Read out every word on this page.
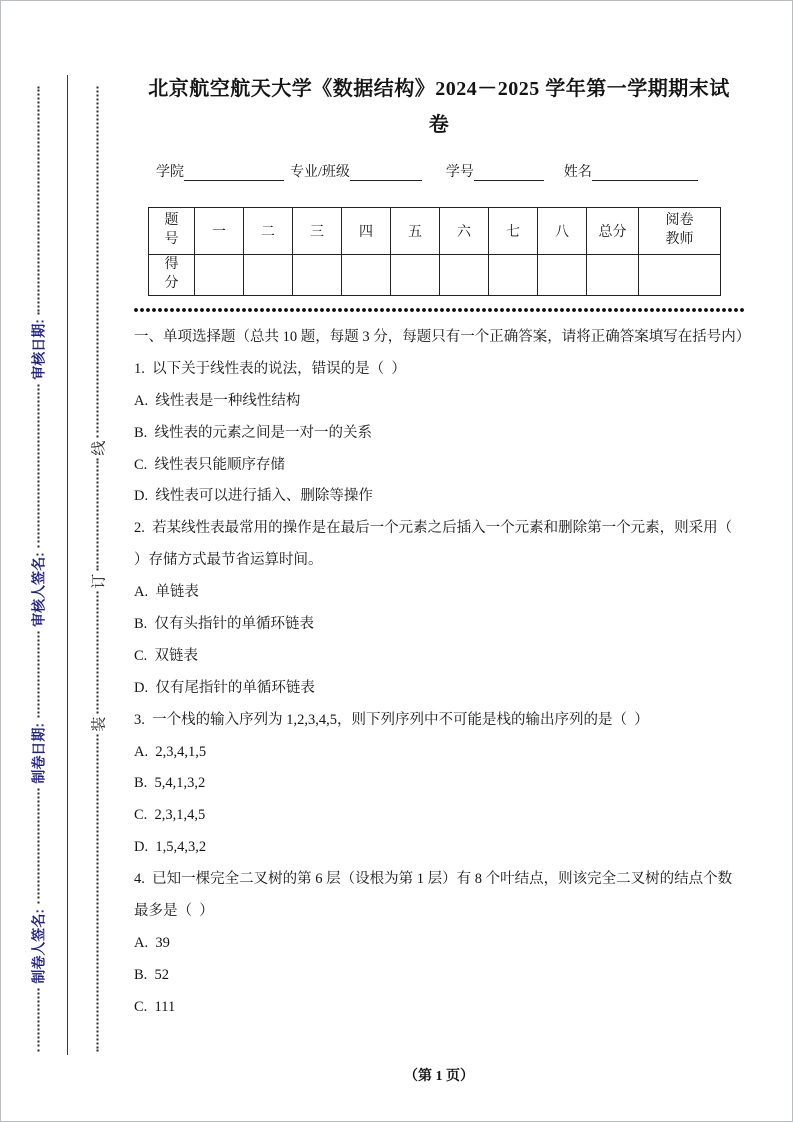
制卷人签名:
制卷日期:
审核人签名:
审核日期:
装
订
线
北京航空航天大学《数据结构》2024－2025 学年第一学期期末试
卷
学院	专业/班级	学号	姓名
题号	一	二	三	四	五	六	七	八	总分	阅卷教师

得分										

一、单项选择题（总共 10 题，每题 3 分，每题只有一个正确答案，请将正确答案填写在括号内）

1.  以下关于线性表的说法，错误的是（  ）

A.  线性表是一种线性结构

B.  线性表的元素之间是一对一的关系

C.  线性表只能顺序存储

D.  线性表可以进行插入、删除等操作

2.  若某线性表最常用的操作是在最后一个元素之后插入一个元素和删除第一个元素，则采用（  ）存储方式最节省运算时间。

A.  单链表

B.  仅有头指针的单循环链表

C.  双链表

D.  仅有尾指针的单循环链表

3.  一个栈的输入序列为 1,2,3,4,5，则下列序列中不可能是栈的输出序列的是（  ）

A.  2,3,4,1,5

B.  5,4,1,3,2

C.  2,3,1,4,5

D.  1,5,4,3,2

4.  已知一棵完全二叉树的第 6 层（设根为第 1 层）有 8 个叶结点，则该完全二叉树的结点个数最多是（  ）

A.  39

B.  52

C.  111

（第 1 页）
